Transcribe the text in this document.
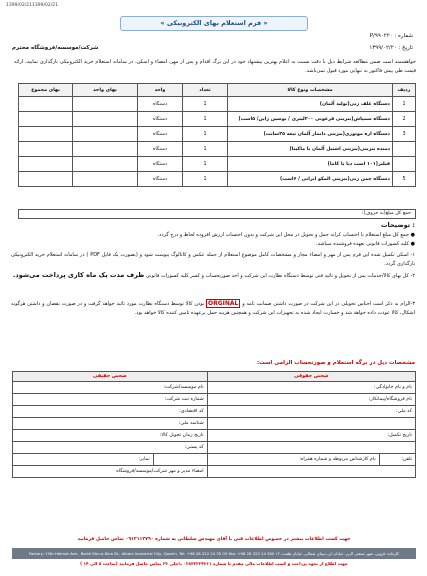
1399/02/21 1399/02/21
« فرم استعلام بهای الکترونیکی »
شماره : P/۹۹۰۲۲۰
تاریخ : ۱۳۹۹/۰۲/۲۰
شرکت/موسسه/فروشگاه محترم
خواهشمند است ضمن مطالعه شرایط ذیل با دقت نسبت به اعلام بهترین پیشنهاد خود در این برگ اقدام و پس از مهر، امضاء و اسکن، در سامانه استعلام خرید الکترونیکی بارگذاری نمایید، ارائه قیمت طی پیش فاکتور به تنهایی مورد قبول نمی‌باشد.
ردیف	مشخصات ونوع کالا	تعداد	واحد	بهای واحد	بهای مجموع
1	دستگاه علف زنی(تولید آلمان)	1	دستگاه		
2	دستگاه سمپاش(بنزینی فرغونی ۲۰۰لیتری / یوسین ژاپن/ ۵اسب)	1	دستگاه		
3	دستگاه اره موتوری(بنزینی دانمار آلمان تیغه ۴۵سانت)	1	دستگاه		
	دمنده بنزینی(بنزینی اشتیل آلمان یا ماکیتا)	1	دستگاه		
	فیلتر(۱۰۱ اسب دیا یا کاما)	1	دستگاه		
5	دستگاه چمن زنی(بنزینی المکو ایرانی / ۶اسب)	1	دستگاه		
جمع کل مبلغ(به حروف):
توضیحات :
● جمع کل مبلغ استعلام با احتساب کرایه حمل و تحویل در محل این شرکت و بدون احتساب ارزش افزوده لحاظ و درج گردد.
● کلیه کسورات قانونی بعهده فروشنده میباشد.
۱- اسکن تکمیل شده این فرم پس از مهر و امضاء مجاز و مشخصات کامل موضوع استعلام از جمله عکس و کاتالوگ پیوست شود و (بصورت یک فایل PDF ) در سامانه استعلام خرید الکترونیکی بارگذاری گردد.
۲- کل بهای کالا/خدمات پس از تحویل و تائید فنی توسط دستگاه نظارت این شرکت و اخذ صورتحساب و کسر کلیه کسورات قانونی ظرف مدت یک ماه کاری پرداخت می‌شود.
۳-الزام به ذکر است اجناس تحویلی در این شرکت در صورت داشتن ضمانت نامه و ORGINAL بودن کالا توسط دستگاه نظارت مورد تائید خواهد گرفت و در صورت نقصان و داشتن هرگونه اشکال، کالا عودت داده خواهد شد و خسارت ایجاد شده به تجهیزات این شرکت و همچنین هزینه حمل برعهده تامین کننده کالا خواهد بود.
مشخصات ذیل در برگه استعلام و صورتحساب الزامی است:
شخص حقوقی		شخص حقیقی	
نام و نام خانوادگی:		نام موسسه/شرکت:	
نام فروشگاه/پیمانکار:		شماره ثبت شرکت:	
کد ملی:		کد اقتصادی:	
		شناسه ملی:	
تاریخ تکمیل:		تاریخ زمان تحویل کالا:	
		کد پستی:	
تلفن:	نام کارشناس مربوطه و شماره همراه:		نمابر:
		امضاء مدیر و مهر شرکت/موسسه/فروشگاه	
جهت کسب اطلاعات بیشتر در خصوص اطلاعات فنی با آقای مهندس سلطانی به شماره ۰۹۱۲۱۱۲۷۹۰ تماس حاصل فرمایید
Factory: 13th Helmat Ave., North Ebn-e-Sina St., Alborz Industrial City, Qazvin, Tel: +98 28 322 24 35 05 Fax: +98 28 322 24 300 کارخانه: قزوین، شهر صنعتی البرز، خیابان ابن سینای شمالی، خیابان هلمت، ۱۳
جهت اطلاع از نحوه پرداخت و کسب اطلاعات مالی مقدم با شماره ۰۲۸۳۲۲۲۴۳۶۱ داخلی ۲۳ تماس حاصل فرمایید (ساعت ۸ الی ۱۴ )
